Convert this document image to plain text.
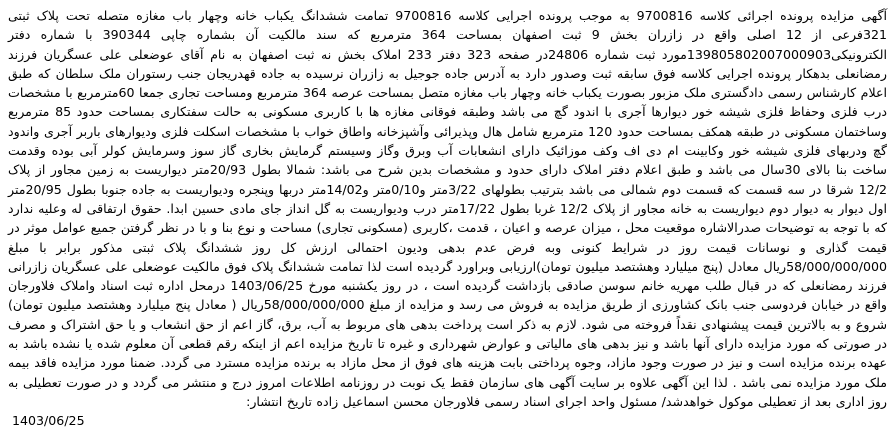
آگهی مزایده پرونده اجرائی کلاسه 9700816 به موجب پرونده اجرایی کلاسه 9700816 تمامت ششدانگ یکباب خانه وچهار باب مغازه متصله تحت پلاک ثبتی 321فرعی از 12 اصلی واقع در زازران بخش 9 ثبت اصفهان بمساحت 364 مترمربع که سند مالکیت آن بشماره چاپی 390344 با شماره دفتر الکترونیکی139805802007000903مورد ثبت شماره 24806در صفحه 323 دفتر 233 املاک بخش نه ثبت اصفهان به نام آقای عوضعلی علی عسگریان فرزند رمضانعلی بدهکار پرونده اجرایی کلاسه فوق سابقه ثبت وصدور دارد به آدرس جاده جوجیل به زازران نرسیده به جاده قهدریجان جنب رستوران ملک سلطان که طبق اعلام کارشناس رسمی دادگستری ملک مزبور بصورت یکباب خانه وچهار باب مغازه متصل بمساحت عرصه 364 مترمربع ومساحت تجاری جمعا 60مترمربع با مشخصات درب فلزی وحفاظ فلزی شیشه خور دیوارها آجری با اندود گچ می باشد وطبقه فوقانی مغازه ها با کاربری مسکونی به حالت سفتکاری بمساحت حدود 85 مترمربع وساختمان مسکونی در طبقه همکف بمساحت حدود 120 مترمربع شامل هال وپذیرائی وآشپزخانه واطاق خواب با مشخصات اسکلت فلزی ودیوارهای باربر آجری واندود گچ ودربهای فلزی شیشه خور وکابینت ام دی اف وکف موزائیک دارای انشعابات آب وبرق وگاز وسیستم گرمایش بخاری گاز سوز وسرمایش کولر آبی بوده وقدمت ساخت بنا بالای 30سال می باشد و طبق اعلام دفتر املاک دارای حدود و مشخصات بدین شرح می باشد: شمالا بطول 20/93متر دیواریست به زمین مجاور از پلاک 12/2 شرقا در سه قسمت که قسمت دوم شمالی می باشد بترتیب بطولهای 3/22متر و0/10متر و14/02متر دربها وپنجره ودیواریست به جاده جنوبا بطول 20/95متر اول دیوار به دیوار دوم دیواریست به خانه مجاور از پلاک 12/2 غربا بطول 17/22متر درب ودیواریست به گل انداز جای مادی حسین ابدا. حقوق ارتفاقی له وعلیه ندارد که با توجه به توضیحات صدرالاشاره موقعیت محل ، میزان عرصه و اعیان ، قدمت ،کاربری (مسکونی تجاری) مساحت و نوع بنا و با در نظر گرفتن جمیع عوامل موثر در قیمت گذاری و نوسانات قیمت روز در شرایط کنونی وبه فرض عدم بدهی ودیون احتمالی ارزش کل روز ششدانگ پلاک ثبتی مذکور برابر با مبلغ 58/000/000/000ریال معادل (پنج میلیارد وهشتصد میلیون تومان)ارزیابی وبراورد گردیده است لذا تمامت ششدانگ پلاک فوق مالکیت عوضعلی علی عسگریان زازرانی فرزند رمضانعلی که در قبال طلب مهریه خانم سوسن صادقی بازداشت گردیده است ، در روز یکشنبه مورخ 1403/06/25 درمحل اداره ثبت اسناد واملاک فلاورجان واقع در خیابان فردوسی جنب بانک کشاورزی از طریق مزایده به فروش می رسد و مزایده از مبلغ 58/000/000/000ریال ( معادل پنج میلیارد وهشتصد میلیون تومان) شروع و به بالاترین قیمت پیشنهادی نقداً فروخته می شود. لازم به ذکر است پرداخت بدهی های مربوط به آب، برق، گاز اعم از حق انشعاب و یا حق اشتراک و مصرف در صورتی که مورد مزایده دارای آنها باشد و نیز بدهی های مالیاتی و عوارض شهرداری و غیره تا تاریخ مزایده اعم از اینکه رقم قطعی آن معلوم شده یا نشده باشد به عهده برنده مزایده است و نیز در صورت وجود مازاد، وجوه پرداختی بابت هزینه های فوق از محل مازاد به برنده مزایده مسترد می گردد. ضمنا مورد مزایده فاقد بیمه ملک مورد مزایده نمی باشد . لذا این آگهی علاوه بر سایت آگهی های سازمان فقط یک نوبت در روزنامه اطلاعات امروز درج و منتشر می گردد و در صورت تعطیلی به روز اداری بعد از تعطیلی موکول خواهدشد/ مسئول واحد اجرای اسناد رسمی فلاورجان محسن اسماعیل زاده تاریخ انتشار:

1403/06/25
